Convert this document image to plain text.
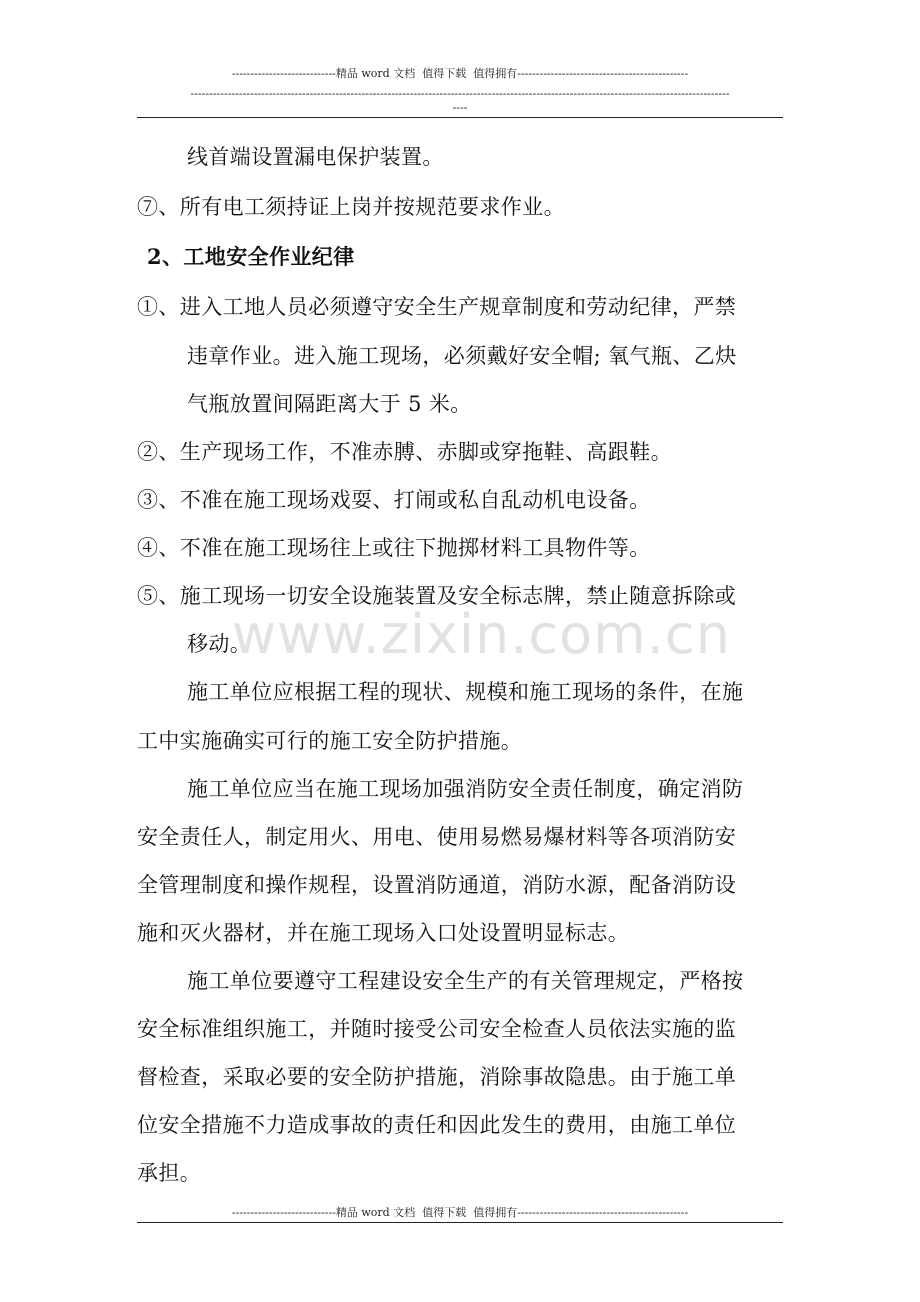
----------------------------精品 word 文档  值得下载  值得拥有----------------------------------------------
-------------------------------------------------------------------------------------------------------------------------------------------------
----
线首端设置漏电保护装置。
⑦、所有电工须持证上岗并按规范要求作业。
2、工地安全作业纪律
①、进入工地人员必须遵守安全生产规章制度和劳动纪律，严禁
违章作业。进入施工现场，必须戴好安全帽; 氧气瓶、乙炔
气瓶放置间隔距离大于 5 米。
②、生产现场工作，不准赤膊、赤脚或穿拖鞋、高跟鞋。
③、不准在施工现场戏耍、打闹或私自乱动机电设备。
④、不准在施工现场往上或往下抛掷材料工具物件等。
⑤、施工现场一切安全设施装置及安全标志牌，禁止随意拆除或
移动。
施工单位应根据工程的现状、规模和施工现场的条件，在施
工中实施确实可行的施工安全防护措施。
施工单位应当在施工现场加强消防安全责任制度，确定消防
安全责任人，制定用火、用电、使用易燃易爆材料等各项消防安
全管理制度和操作规程，设置消防通道，消防水源，配备消防设
施和灭火器材，并在施工现场入口处设置明显标志。
施工单位要遵守工程建设安全生产的有关管理规定，严格按
安全标准组织施工，并随时接受公司安全检查人员依法实施的监
督检查，采取必要的安全防护措施，消除事故隐患。由于施工单
位安全措施不力造成事故的责任和因此发生的费用，由施工单位
承担。
www.zixin.com.cn
----------------------------精品 word 文档  值得下载  值得拥有----------------------------------------------
